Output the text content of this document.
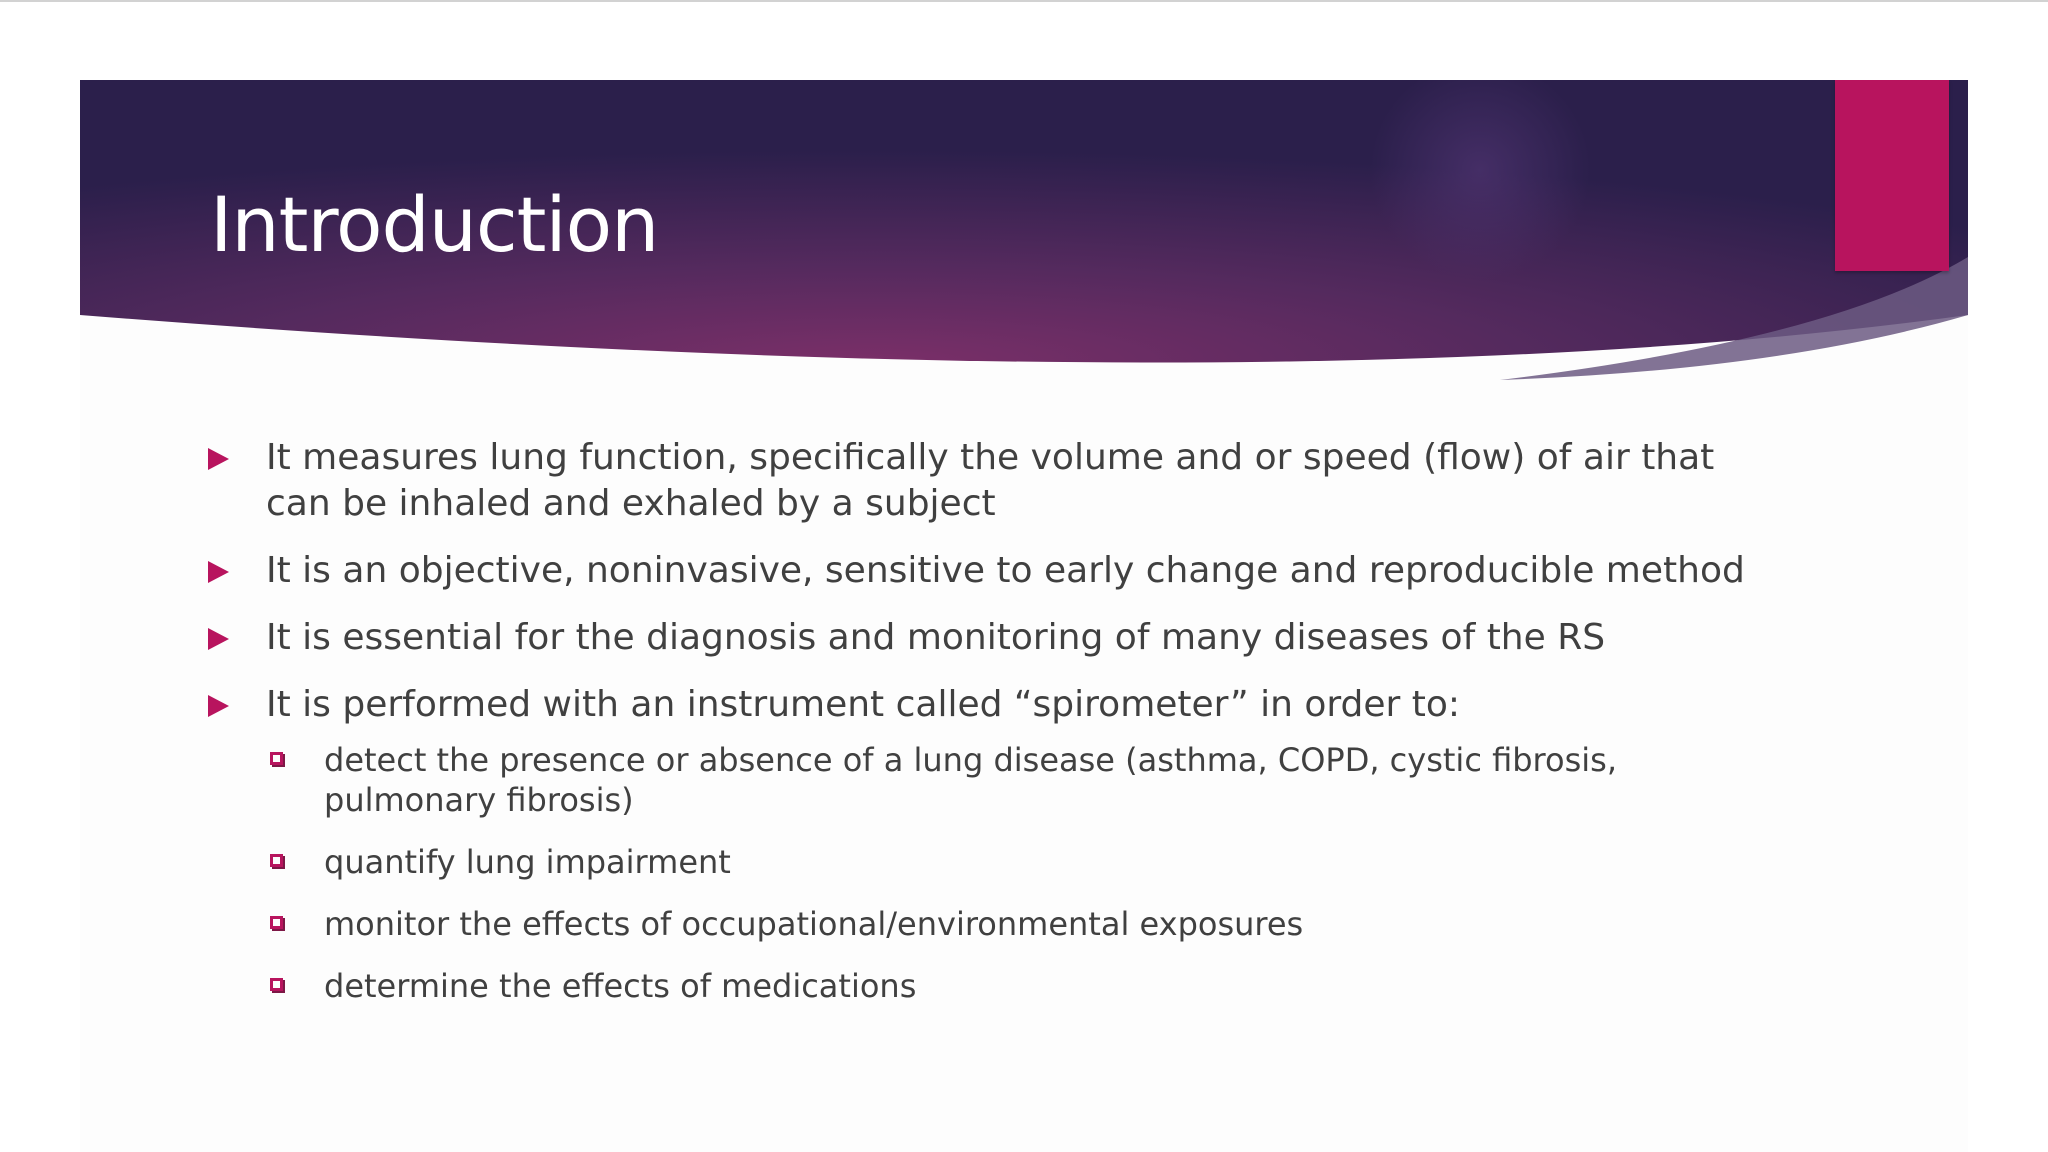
Introduction
It measures lung function, specifically the volume and or speed (flow) of air that can be inhaled and exhaled by a subject
It is an objective, noninvasive, sensitive to early change and reproducible method
It is essential for the diagnosis and monitoring of many diseases of the RS
It is performed with an instrument called “spirometer” in order to:
detect the presence or absence of a lung disease (asthma, COPD, cystic fibrosis, pulmonary fibrosis)
quantify lung impairment
monitor the effects of occupational/environmental exposures
determine the effects of medications
